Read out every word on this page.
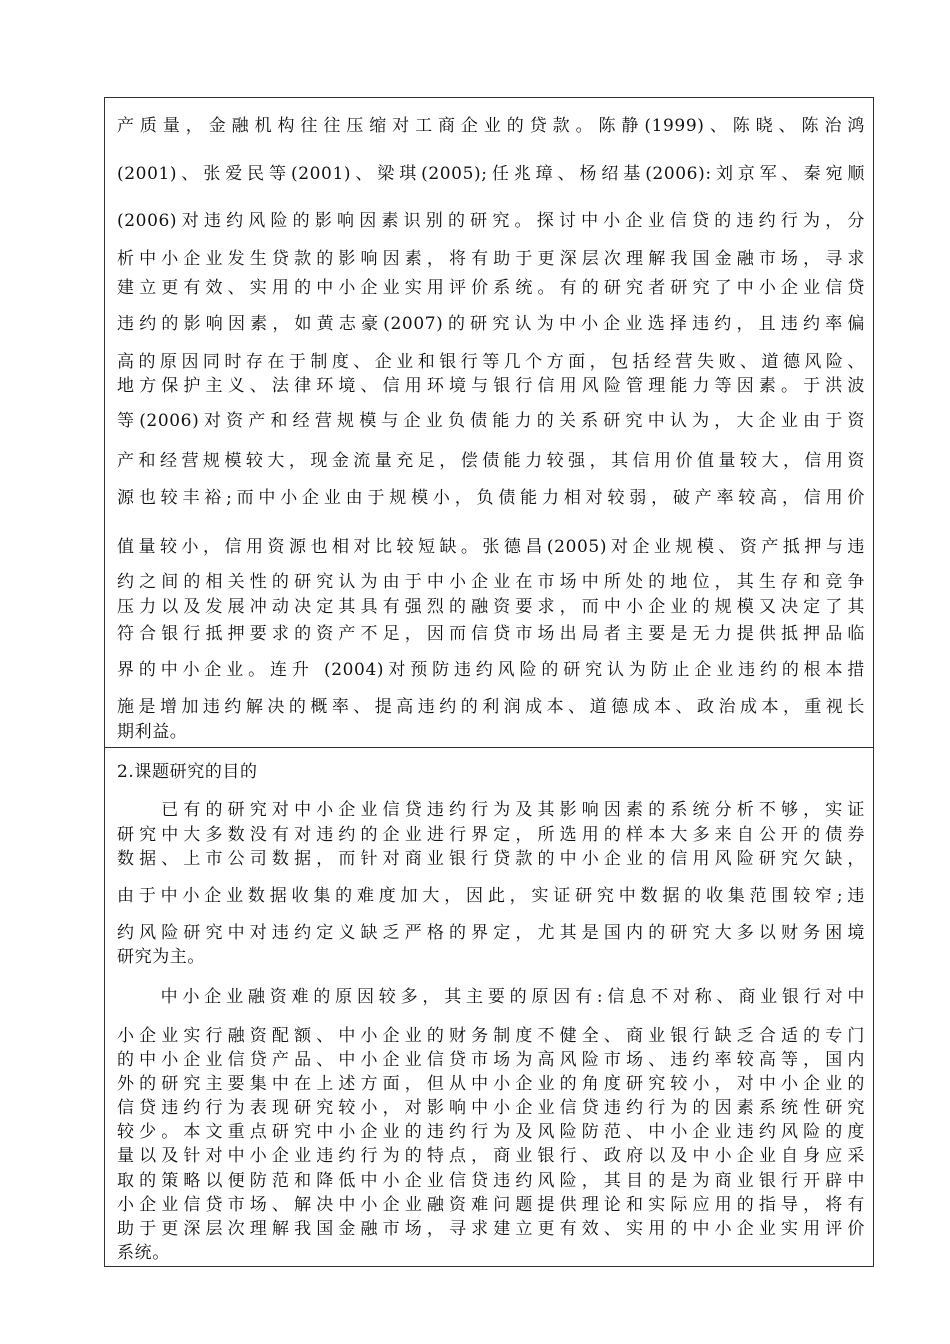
产质量，金融机构往往压缩对工商企业的贷款。陈静(1999)、陈晓、陈治鸿
(2001)、张爱民等(2001)、梁琪(2005);任兆璋、杨绍基(2006):刘京军、秦宛顺
(2006)对违约风险的影响因素识别的研究。探讨中小企业信贷的违约行为，分
析中小企业发生贷款的影响因素，将有助于更深层次理解我国金融市场，寻求
建立更有效、实用的中小企业实用评价系统。有的研究者研究了中小企业信贷
违约的影响因素，如黄志豪(2007)的研究认为中小企业选择违约，且违约率偏
高的原因同时存在于制度、企业和银行等几个方面，包括经营失败、道德风险、
地方保护主义、法律环境、信用环境与银行信用风险管理能力等因素。于洪波
等(2006)对资产和经营规模与企业负债能力的关系研究中认为，大企业由于资
产和经营规模较大，现金流量充足，偿债能力较强，其信用价值量较大，信用资
源也较丰裕;而中小企业由于规模小，负债能力相对较弱，破产率较高，信用价
值量较小，信用资源也相对比较短缺。张德昌(2005)对企业规模、资产抵押与违
约之间的相关性的研究认为由于中小企业在市场中所处的地位，其生存和竞争
压力以及发展冲动决定其具有强烈的融资要求，而中小企业的规模又决定了其
符合银行抵押要求的资产不足，因而信贷市场出局者主要是无力提供抵押品临
界的中小企业。连升 (2004)对预防违约风险的研究认为防止企业违约的根本措
施是增加违约解决的概率、提高违约的利润成本、道德成本、政治成本，重视长
期利益。
2.课题研究的目的
　　已有的研究对中小企业信贷违约行为及其影响因素的系统分析不够，实证
研究中大多数没有对违约的企业进行界定，所选用的样本大多来自公开的债券
数据、上市公司数据，而针对商业银行贷款的中小企业的信用风险研究欠缺，
由于中小企业数据收集的难度加大，因此，实证研究中数据的收集范围较窄;违
约风险研究中对违约定义缺乏严格的界定，尤其是国内的研究大多以财务困境
研究为主。
　　中小企业融资难的原因较多，其主要的原因有:信息不对称、商业银行对中
小企业实行融资配额、中小企业的财务制度不健全、商业银行缺乏合适的专门
的中小企业信贷产品、中小企业信贷市场为高风险市场、违约率较高等，国内
外的研究主要集中在上述方面，但从中小企业的角度研究较小，对中小企业的
信贷违约行为表现研究较小，对影响中小企业信贷违约行为的因素系统性研究
较少。本文重点研究中小企业的违约行为及风险防范、中小企业违约风险的度
量以及针对中小企业违约行为的特点，商业银行、政府以及中小企业自身应采
取的策略以便防范和降低中小企业信贷违约风险，其目的是为商业银行开辟中
小企业信贷市场、解决中小企业融资难问题提供理论和实际应用的指导，将有
助于更深层次理解我国金融市场，寻求建立更有效、实用的中小企业实用评价
系统。
